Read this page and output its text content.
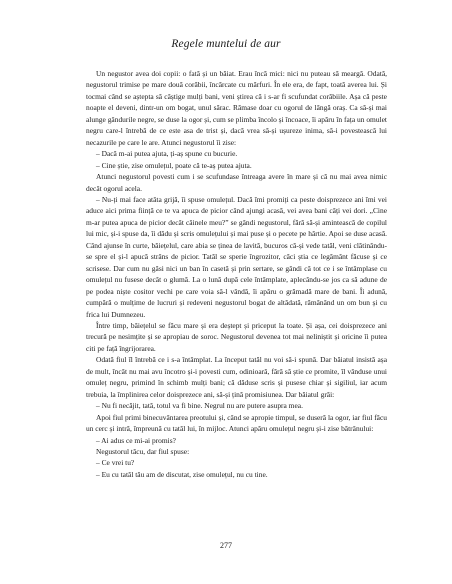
Regele muntelui de aur

Un negustor avea doi copii: o fată și un băiat. Erau încă mici: nici nu puteau să meargă. Odată, negustorul trimise pe mare două corăbii, încărcate cu mărfuri. În ele era, de fapt, toată averea lui. Și tocmai când se aștepta să câștige mulți bani, veni știrea că i s-ar fi scufundat corăbiile. Așa că peste noapte el deveni, dintr-un om bogat, unul sărac. Rămase doar cu ogorul de lângă oraș. Ca să-și mai alunge gândurile negre, se duse la ogor și, cum se plimba încolo și încoace, îi apăru în fața un omulet negru care-l întrebă de ce este asa de trist și, dacă vrea să-și ușureze inima, să-i povestească lui necazurile pe care le are. Atunci negustorul îi zise:

– Dacă m-ai putea ajuta, ți-aș spune cu bucurie.

– Cine știe, zise omulețul, poate că te-aș putea ajuta.

Atunci negustorul povesti cum i se scufundase întreaga avere în mare și că nu mai avea nimic decât ogorul acela.

– Nu-ți mai face atâta grijă, îi spuse omulețul. Dacă îmi promiți ca peste doisprezece ani îmi vei aduce aici prima ființă ce te va apuca de picior când ajungi acasă, vei avea bani câți vei dori. „Cine m-ar putea apuca de picior decât câinele meu?” se gândi negustorul, fără să-și amintească de copilul lui mic, și-i spuse da, îi dădu și scris omulețului și mai puse și o pecete pe hârtie. Apoi se duse acasă. Când ajunse în curte, băiețelul, care abia se ținea de lavită, bucuros că-și vede tatăl, veni clătinându-se spre el și-l apucă strâns de picior. Tatăl se sperie îngrozitor, căci știa ce legământ făcuse și ce scrisese. Dar cum nu găsi nici un ban în casetă și prin sertare, se gândi că tot ce i se întâmplase cu omulețul nu fusese decât o glumă. La o lună după cele întâmplate, aplecându-se jos ca să adune de pe podea niște cositor vechi pe care voia să-l vândă, îi apăru o grămadă mare de bani. Îi adună, cumpără o mulțime de lucruri și redeveni negustorul bogat de altădată, rămânând un om bun și cu frica lui Dumnezeu.

Între timp, băiețelul se făcu mare și era deștept și priceput la toate. Și așa, cei doisprezece ani trecură pe nesimțite și se apropiau de soroc. Negustorul devenea tot mai neliniștit și oricine îi putea citi pe față îngrijorarea.

Odată fiul îl întrebă ce i s-a întâmplat. La început tatăl nu voi să-i spună. Dar băiatul insistă așa de mult, încât nu mai avu încotro și-i povesti cum, odinioară, fără să știe ce promite, îl vânduse unui omuleț negru, primind în schimb mulți bani; că dăduse scris și pusese chiar și sigiliul, iar acum trebuia, la împlinirea celor doisprezece ani, să-și țină promisiunea. Dar băiatul grăi:

– Nu fi necăjit, tată, totul va fi bine. Negrul nu are putere asupra mea.

Apoi fiul primi binecuvântarea preotului și, când se apropie timpul, se duseră la ogor, iar fiul făcu un cerc și intră, împreună cu tatăl lui, în mijloc. Atunci apăru omulețul negru și-i zise bătrânului:

– Ai adus ce mi-ai promis?

Negustorul tăcu, dar fiul spuse:

– Ce vrei tu?

– Eu cu tatăl tău am de discutat, zise omulețul, nu cu tine.

277
